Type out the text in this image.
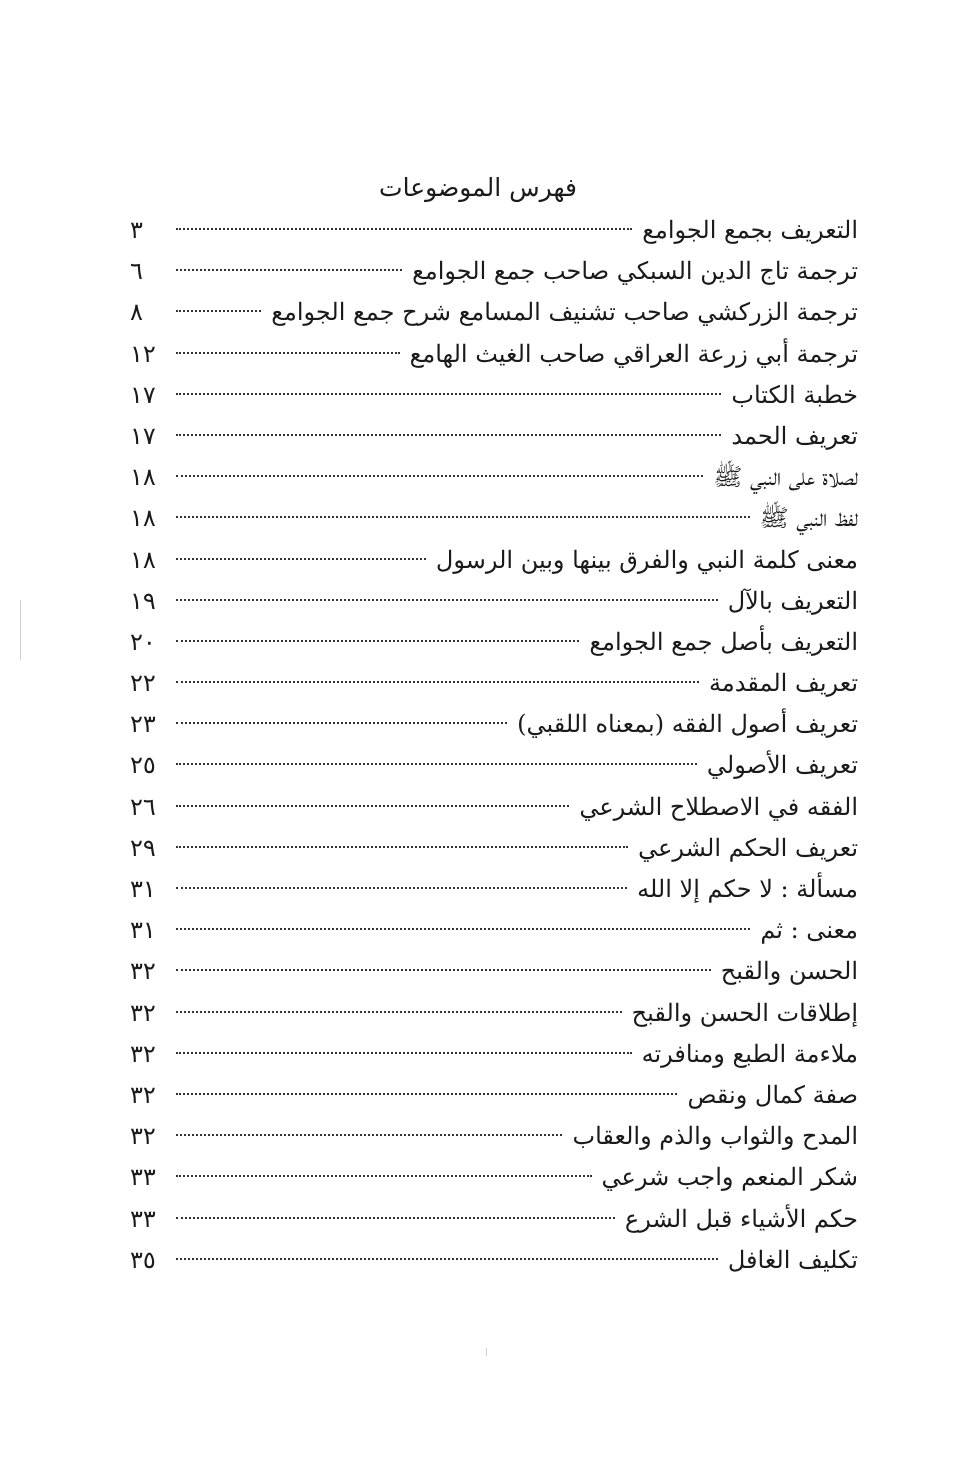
فهرس الموضوعات
التعريف بجمع الجوامع
٣
ترجمة تاج الدين السبكي صاحب جمع الجوامع
٦
ترجمة الزركشي صاحب تشنيف المسامع شرح جمع الجوامع
٨
ترجمة أبي زرعة العراقي صاحب الغيث الهامع
١٢
خطبة الكتاب
١٧
تعريف الحمد
١٧
لصلاة على النبي ﷺ
١٨
لفظ النبي ﷺ
١٨
معنى كلمة النبي والفرق بينها وبين الرسول
١٨
التعريف بالآل
١٩
التعريف بأصل جمع الجوامع
٢٠
تعريف المقدمة
٢٢
تعريف أصول الفقه (بمعناه اللقبي)
٢٣
تعريف الأصولي
٢٥
الفقه في الاصطلاح الشرعي
٢٦
تعريف الحكم الشرعي
٢٩
مسألة : لا حكم إلا الله
٣١
معنى : ثم
٣١
الحسن والقبح
٣٢
إطلاقات الحسن والقبح
٣٢
ملاءمة الطبع ومنافرته
٣٢
صفة كمال ونقص
٣٢
المدح والثواب والذم والعقاب
٣٢
شكر المنعم واجب شرعي
٣٣
حكم الأشياء قبل الشرع
٣٣
تكليف الغافل
٣٥
